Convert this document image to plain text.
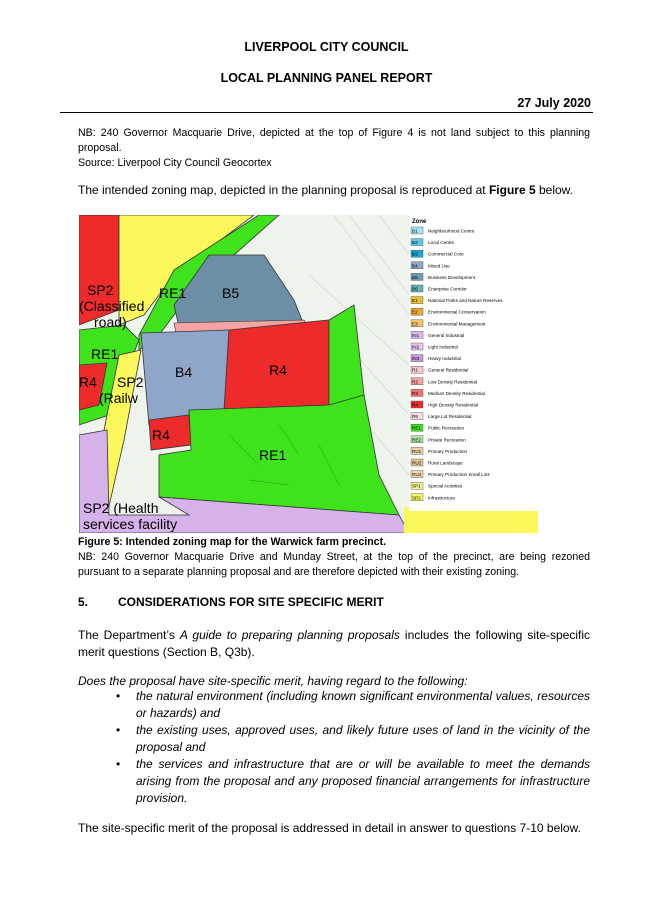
LIVERPOOL CITY COUNCIL
LOCAL PLANNING PANEL REPORT
27 July 2020
NB: 240 Governor Macquarie Drive, depicted at the top of Figure 4 is not land subject to this planning proposal.
Source: Liverpool City Council Geocortex
The intended zoning map, depicted in the planning proposal is reproduced at Figure 5 below.
SP2
(Classified
road)
RE1	B5
RE1
R4 SP2
(Railw
B4	R4
R4
RE1
SP2 (Health
services facility
Zone
B1 Neighbourhood Centre
B2 Local Centre
B3 Commercial Core
B4 Mixed Use
B5 Business Development
B6 Enterprise Corridor
E1 National Parks and Nature Reserves
E2 Environmental Conservation
E3 Environmental Management
IN1 General Industrial
IN2 Light Industrial
IN3 Heavy Industrial
R1 General Residential
R2 Low Density Residential
R3 Medium Density Residential
R4 High Density Residential
R5 Large Lot Residential
RE1 Public Recreation
RE2 Private Recreation
RU1 Primary Production
RU2 Rural Landscape
RU4 Primary Production Small Lots
SP1 Special Activities
SP2 Infrastructure
Figure 5: Intended zoning map for the Warwick farm precinct.
NB: 240 Governor Macquarie Drive and Munday Street, at the top of the precinct, are being rezoned pursuant to a separate planning proposal and are therefore depicted with their existing zoning.
5. CONSIDERATIONS FOR SITE SPECIFIC MERIT
The Department’s A guide to preparing planning proposals includes the following site-specific merit questions (Section B, Q3b).
Does the proposal have site-specific merit, having regard to the following:
• the natural environment (including known significant environmental values, resources or hazards) and
• the existing uses, approved uses, and likely future uses of land in the vicinity of the proposal and
• the services and infrastructure that are or will be available to meet the demands arising from the proposal and any proposed financial arrangements for infrastructure provision.
The site-specific merit of the proposal is addressed in detail in answer to questions 7-10 below.
